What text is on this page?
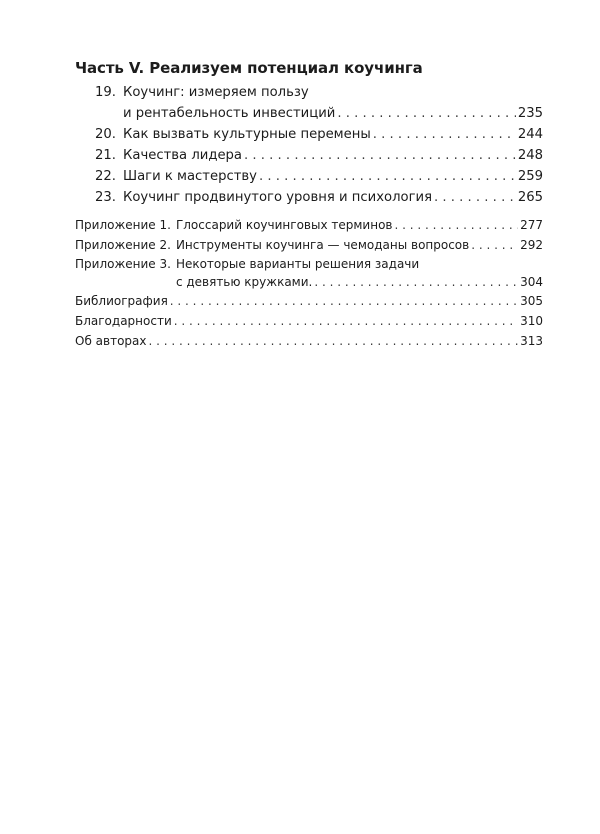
Часть V. Реализуем потенциал коучинга
19. Коучинг: измеряем пользу
и рентабельность инвестиций . . .	235
20. Как вызвать культурные перемены . . .	244
21. Качества лидера . . .	248
22. Шаги к мастерству . . .	259
23. Коучинг продвинутого уровня и психология . . .	265
Приложение 1. Глоссарий коучинговых терминов . . .	277
Приложение 2. Инструменты коучинга — чемоданы вопросов . . .	292
Приложение 3. Некоторые варианты решения задачи
с девятью кружками. . . .	304
Библиография . . .	305
Благодарности . . .	310
Об авторах . . .	313
